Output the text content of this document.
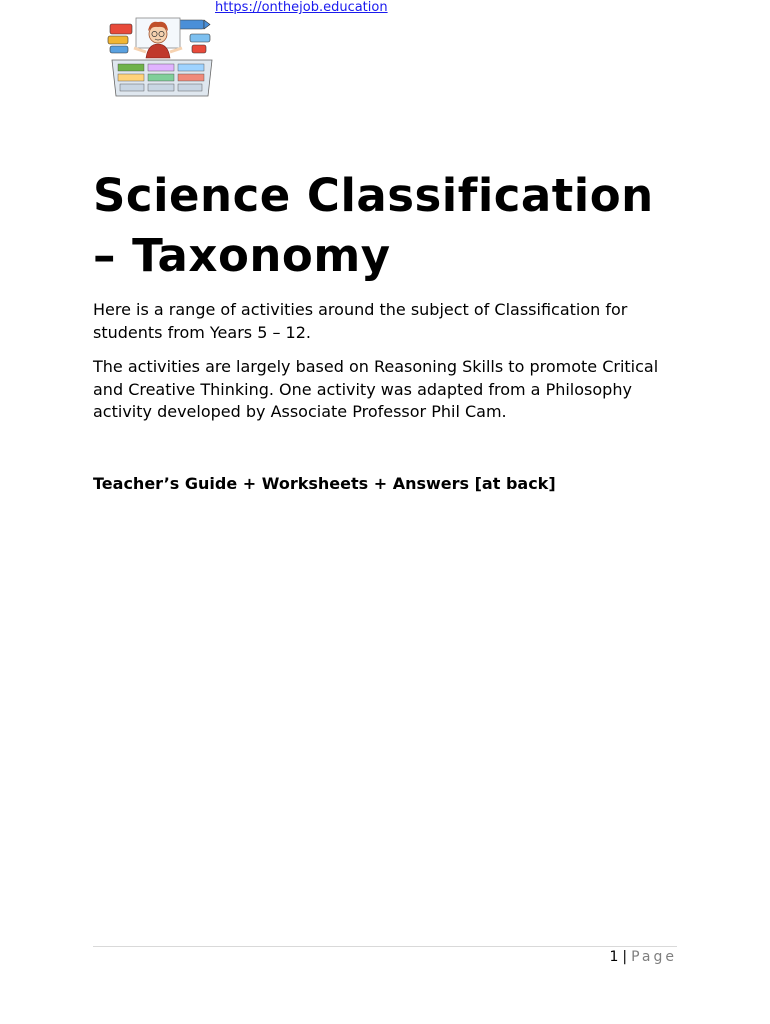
https://onthejob.education
Science Classification
– Taxonomy

Here is a range of activities around the subject of Classification for students from Years 5 – 12.

The activities are largely based on Reasoning Skills to promote Critical and Creative Thinking. One activity was adapted from a Philosophy activity developed by Associate Professor Phil Cam.

Teacher’s Guide + Worksheets + Answers [at back]

1 | Page
